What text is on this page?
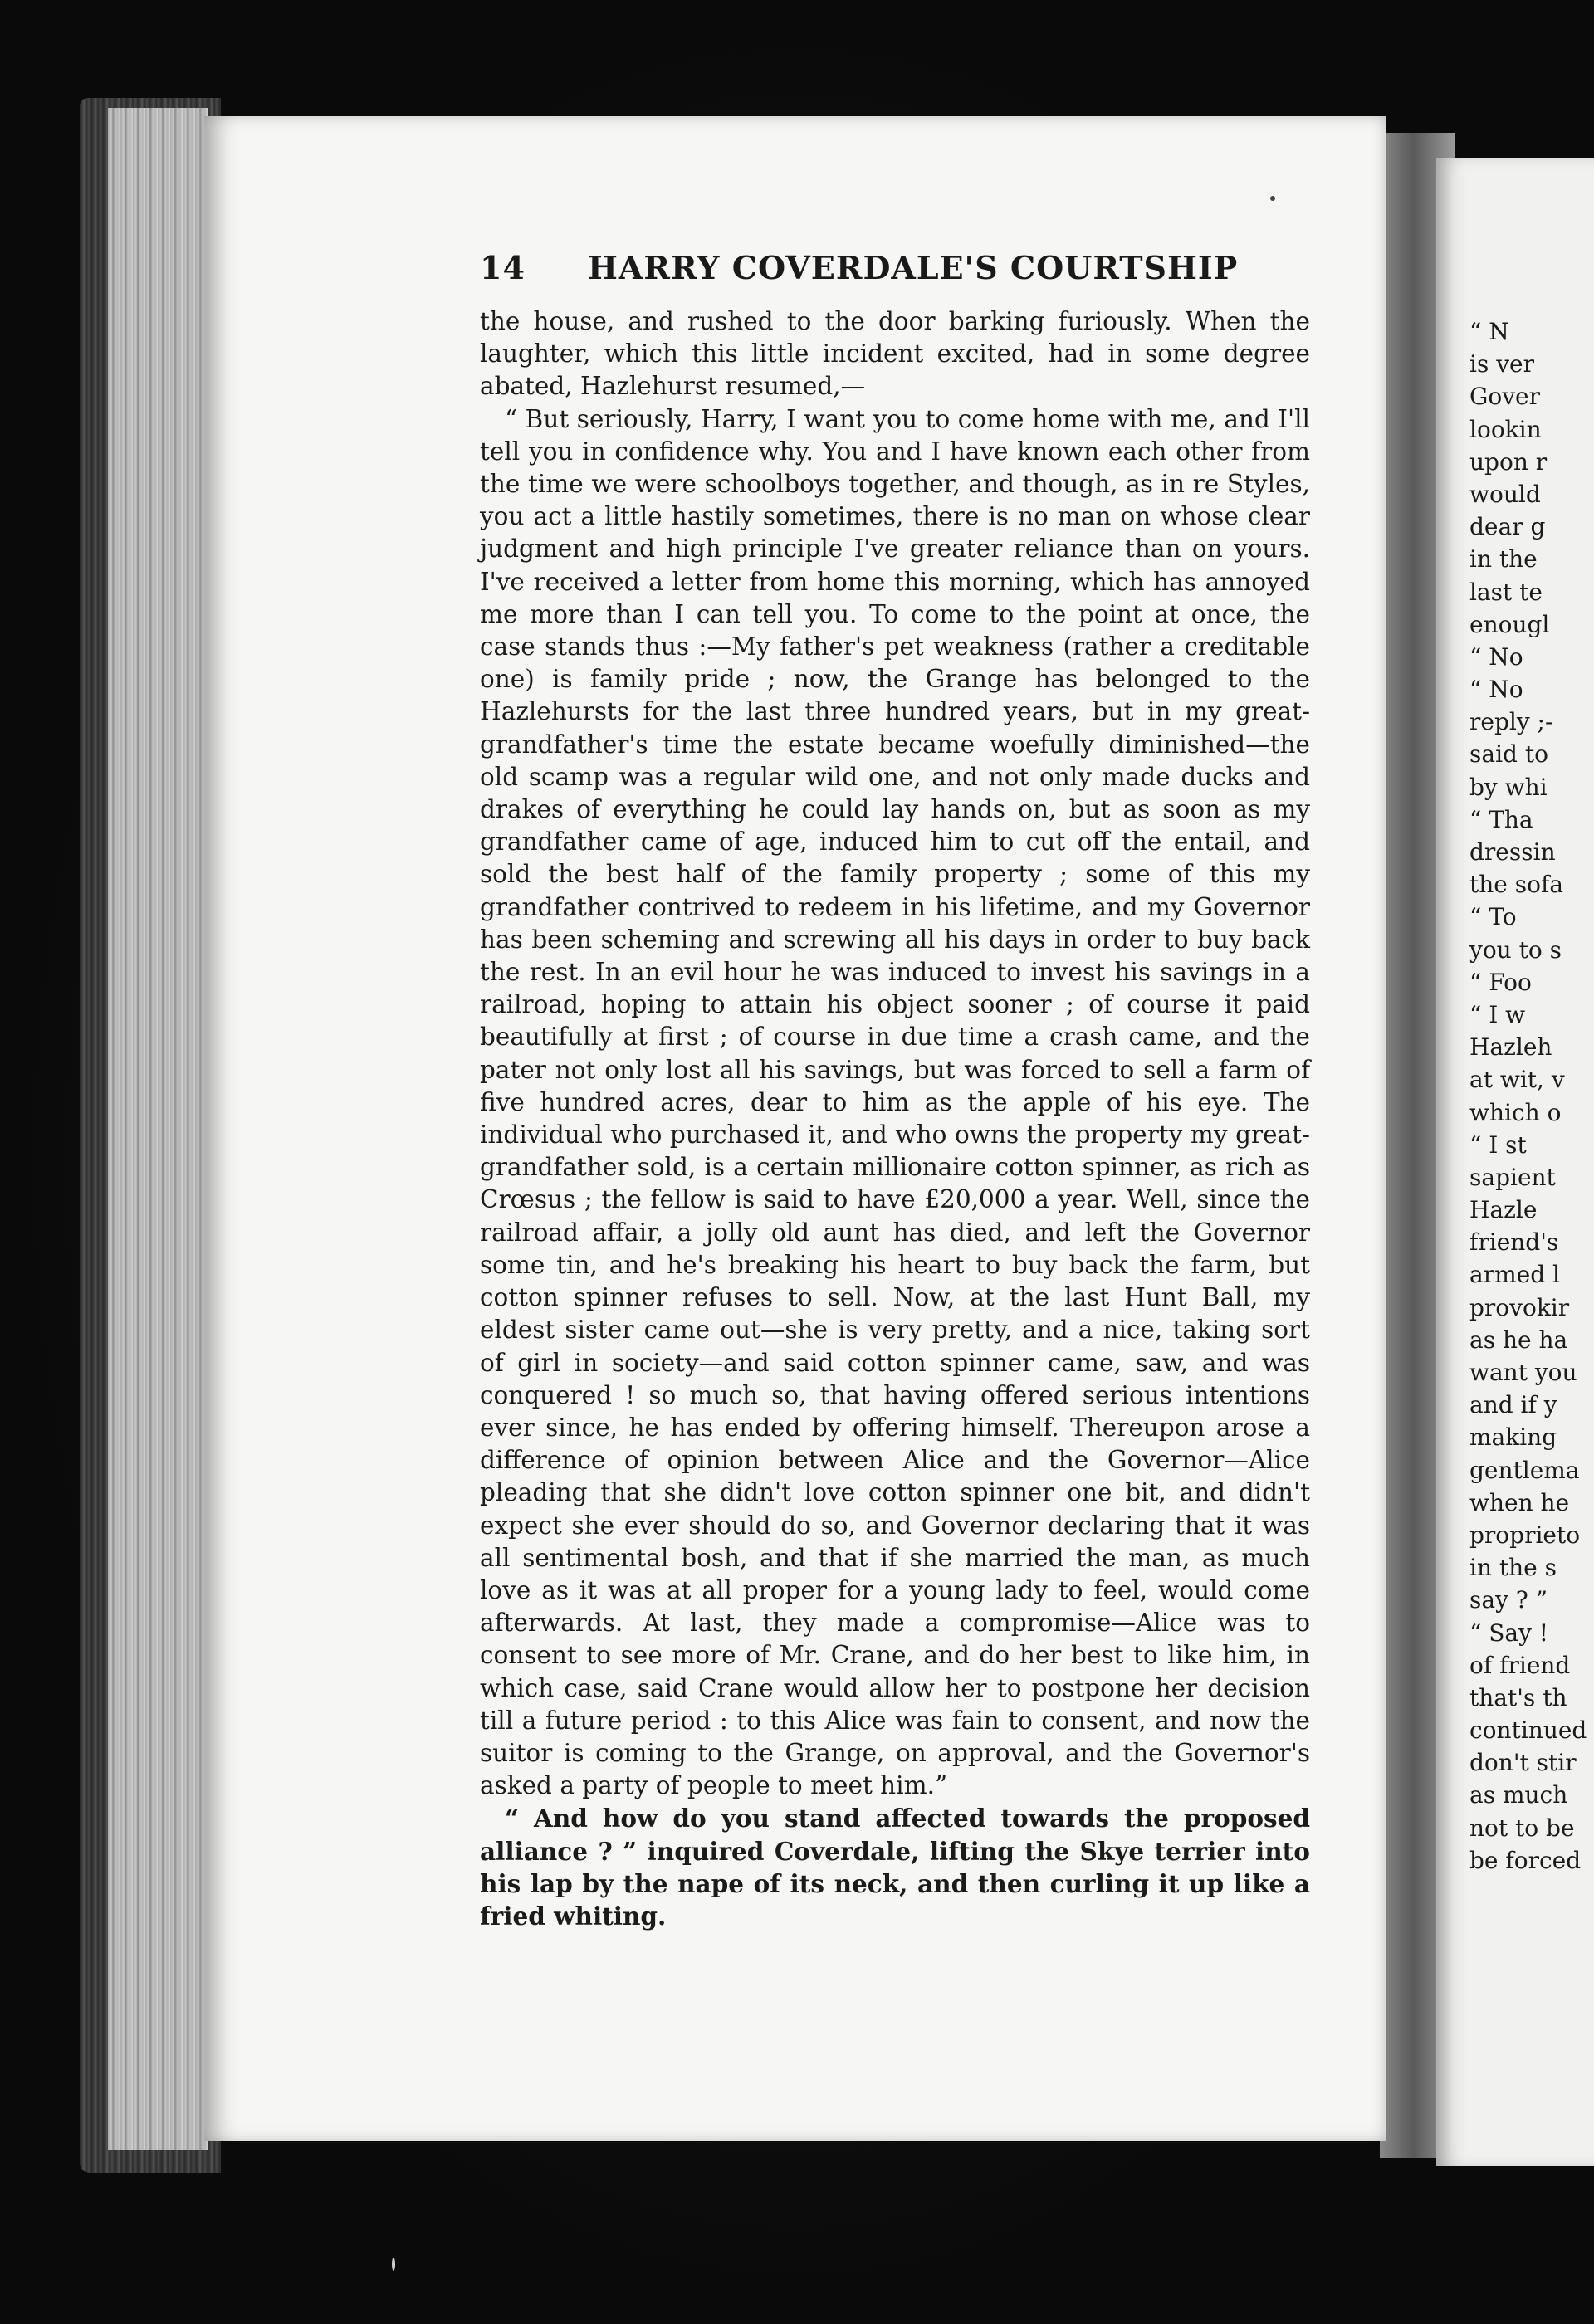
14	HARRY COVERDALE'S COURTSHIP

the house, and rushed to the door barking furiously. When the laughter, which this little incident excited, had in some degree abated, Hazlehurst resumed,—

“ But seriously, Harry, I want you to come home with me, and I'll tell you in confidence why. You and I have known each other from the time we were schoolboys together, and though, as in re Styles, you act a little hastily sometimes, there is no man on whose clear judgment and high principle I've greater reliance than on yours. I've received a letter from home this morning, which has annoyed me more than I can tell you. To come to the point at once, the case stands thus :—My father's pet weakness (rather a creditable one) is family pride ; now, the Grange has belonged to the Hazlehursts for the last three hundred years, but in my great-grandfather's time the estate became woefully diminished—the old scamp was a regular wild one, and not only made ducks and drakes of everything he could lay hands on, but as soon as my grandfather came of age, induced him to cut off the entail, and sold the best half of the family property ; some of this my grandfather contrived to redeem in his lifetime, and my Governor has been scheming and screwing all his days in order to buy back the rest. In an evil hour he was induced to invest his savings in a railroad, hoping to attain his object sooner ; of course it paid beautifully at first ; of course in due time a crash came, and the pater not only lost all his savings, but was forced to sell a farm of five hundred acres, dear to him as the apple of his eye. The individual who purchased it, and who owns the property my great-grandfather sold, is a certain millionaire cotton spinner, as rich as Crœsus ; the fellow is said to have £20,000 a year. Well, since the railroad affair, a jolly old aunt has died, and left the Governor some tin, and he's breaking his heart to buy back the farm, but cotton spinner refuses to sell. Now, at the last Hunt Ball, my eldest sister came out—she is very pretty, and a nice, taking sort of girl in society—and said cotton spinner came, saw, and was conquered ! so much so, that having offered serious intentions ever since, he has ended by offering himself. Thereupon arose a difference of opinion between Alice and the Governor—Alice pleading that she didn't love cotton spinner one bit, and didn't expect she ever should do so, and Governor declaring that it was all sentimental bosh, and that if she married the man, as much love as it was at all proper for a young lady to feel, would come afterwards. At last, they made a compromise—Alice was to consent to see more of Mr. Crane, and do her best to like him, in which case, said Crane would allow her to postpone her decision till a future period : to this Alice was fain to consent, and now the suitor is coming to the Grange, on approval, and the Governor's asked a party of people to meet him.”

“ And how do you stand affected towards the proposed alliance ? ” inquired Coverdale, lifting the Skye terrier into his lap by the nape of its neck, and then curling it up like a fried whiting.

“ N
is ver
Gover
lookin
upon r
would
dear g
in the
last te
enougl
“ No
“ No
reply ;-
said to
by whi
“ Tha
dressin
the sofa
“ To
you to s
“ Foo
“ I w
Hazleh
at wit, v
which o
“ I st
sapient
Hazle
friend's
armed l
provokir
as he ha
want you
and if y
making
gentlema
when he
proprieto
in the s
say ? ”
“ Say !
of friend
that's th
continued
don't stir
as much
not to be
be forced
